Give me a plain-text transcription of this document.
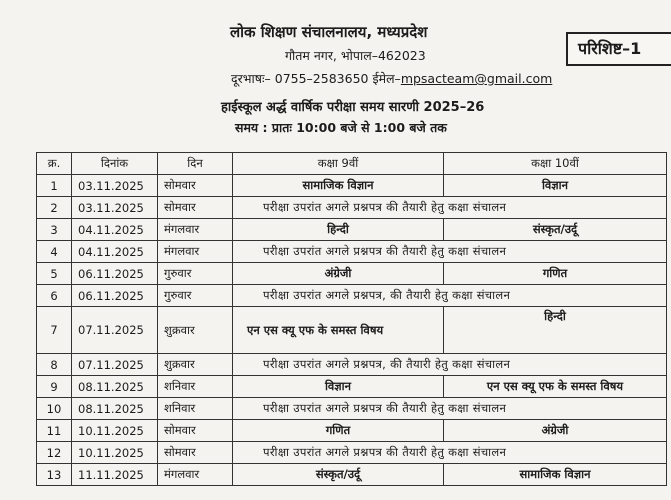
लोक शिक्षण संचालनालय, मध्यप्रदेश
गौतम नगर, भोपाल–462023
दूरभाषः– 0755–2583650 ईमेल–mpsacteam@gmail.com
परिशिष्ट–1
हाईस्कूल अर्द्ध वार्षिक परीक्षा समय सारणी 2025–26
समय : प्रातः 10:00 बजे से 1:00 बजे तक
क्र.	दिनांक	दिन	कक्षा 9वीं	कक्षा 10वीं
1	03.11.2025	सोमवार	सामाजिक विज्ञान	विज्ञान
2	03.11.2025	सोमवार	परीक्षा उपरांत अगले प्रश्नपत्र की तैयारी हेतु कक्षा संचालन	
3	04.11.2025	मंगलवार	हिन्दी	संस्कृत/उर्दू
4	04.11.2025	मंगलवार	परीक्षा उपरांत अगले प्रश्नपत्र की तैयारी हेतु कक्षा संचालन	
5	06.11.2025	गुरुवार	अंग्रेजी	गणित
6	06.11.2025	गुरुवार	परीक्षा उपरांत अगले प्रश्नपत्र, की तैयारी हेतु कक्षा संचालन	
7	07.11.2025	शुक्रवार	एन एस क्यू एफ के समस्त विषय	हिन्दी
8	07.11.2025	शुक्रवार	परीक्षा उपरांत अगले प्रश्नपत्र, की तैयारी हेतु कक्षा संचालन	
9	08.11.2025	शनिवार	विज्ञान	एन एस क्यू एफ के समस्त विषय
10	08.11.2025	शनिवार	परीक्षा उपरांत अगले प्रश्नपत्र की तैयारी हेतु कक्षा संचालन	
11	10.11.2025	सोमवार	गणित	अंग्रेजी
12	10.11.2025	सोमवार	परीक्षा उपरांत अगले प्रश्नपत्र की तैयारी हेतु कक्षा संचालन	
13	11.11.2025	मंगलवार	संस्कृत/उर्दू	सामाजिक विज्ञान
